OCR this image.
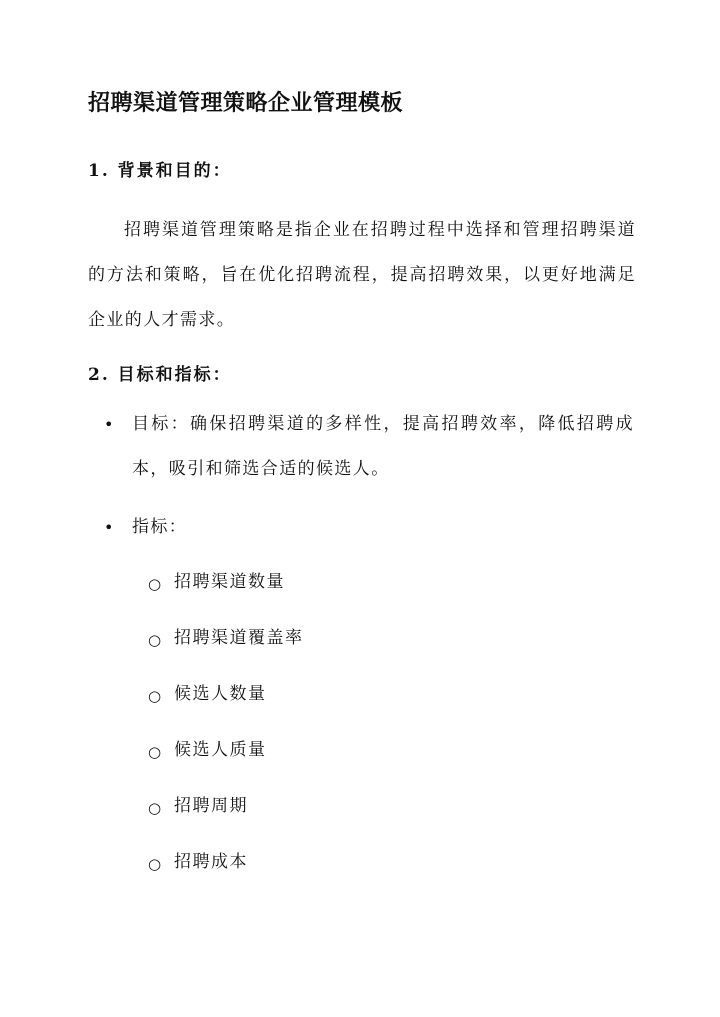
招聘渠道管理策略企业管理模板
1. 背景和目的：
招聘渠道管理策略是指企业在招聘过程中选择和管理招聘渠道的方法和策略，旨在优化招聘流程，提高招聘效果，以更好地满足企业的人才需求。
2. 目标和指标：
•	目标：确保招聘渠道的多样性，提高招聘效率，降低招聘成本，吸引和筛选合适的候选人。
•	指标：
○ 招聘渠道数量
○ 招聘渠道覆盖率
○ 候选人数量
○ 候选人质量
○ 招聘周期
○ 招聘成本
